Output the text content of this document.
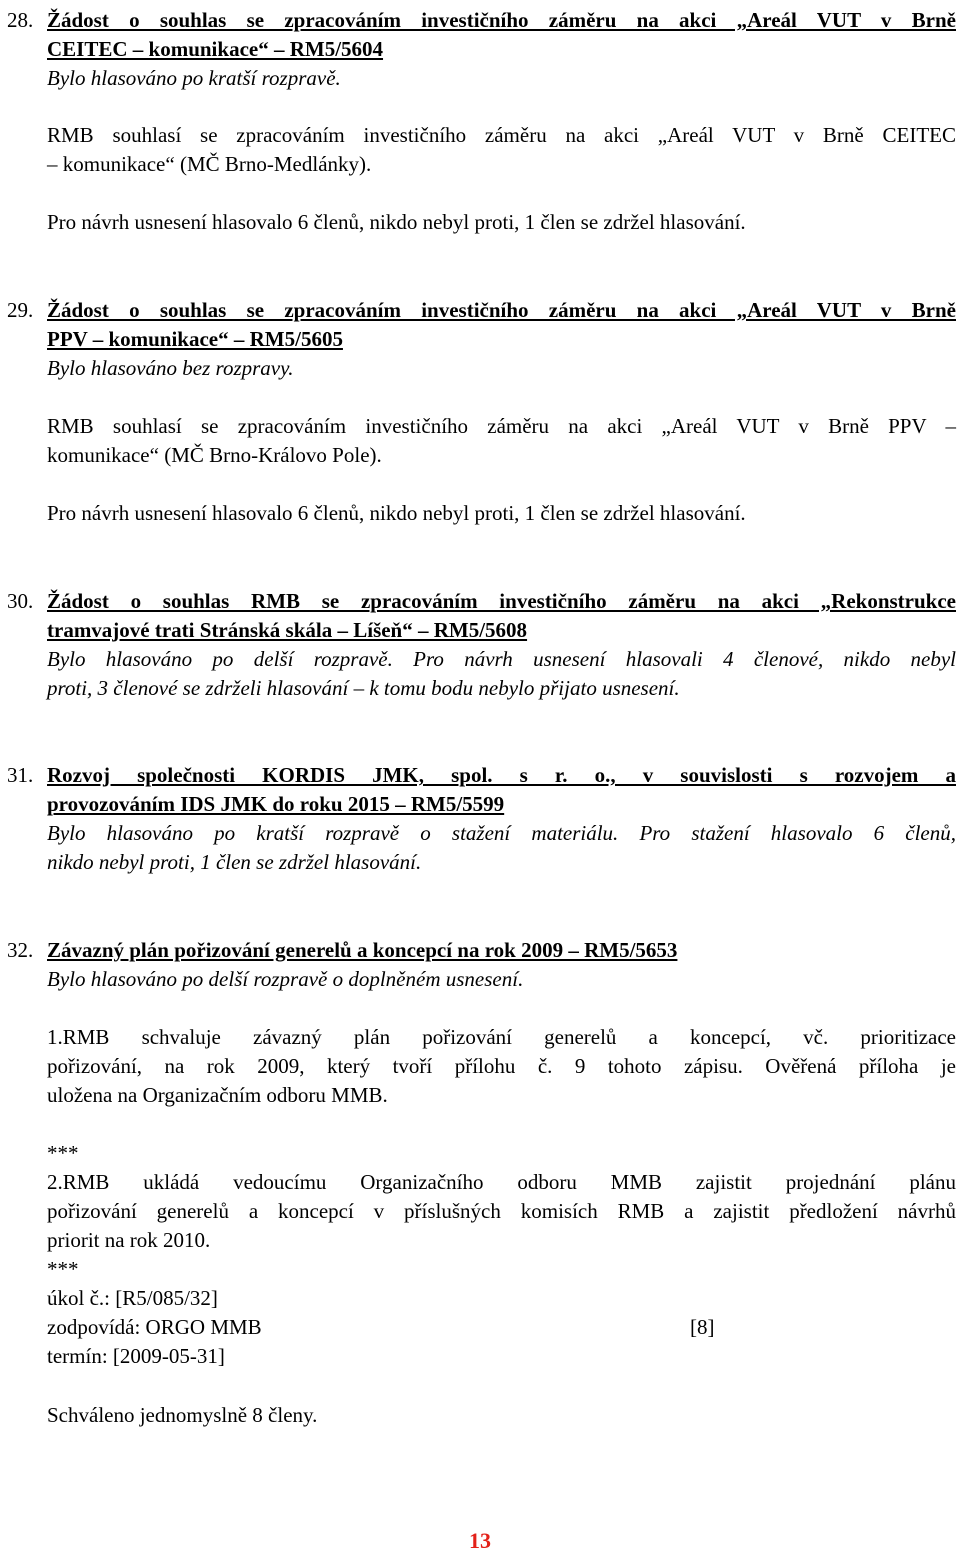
28. Žádost o souhlas se zpracováním investičního záměru na akci „Areál VUT v Brně
CEITEC – komunikace“ – RM5/5604
Bylo hlasováno po kratší rozpravě.
RMB souhlasí se zpracováním investičního záměru na akci „Areál VUT v Brně CEITEC
– komunikace“ (MČ Brno-Medlánky).
Pro návrh usnesení hlasovalo 6 členů, nikdo nebyl proti, 1 člen se zdržel hlasování.
29. Žádost o souhlas se zpracováním investičního záměru na akci „Areál VUT v Brně
PPV – komunikace“ – RM5/5605
Bylo hlasováno bez rozpravy.
RMB souhlasí se zpracováním investičního záměru na akci „Areál VUT v Brně PPV –
komunikace“ (MČ Brno-Královo Pole).
Pro návrh usnesení hlasovalo 6 členů, nikdo nebyl proti, 1 člen se zdržel hlasování.
30. Žádost o souhlas RMB se zpracováním investičního záměru na akci „Rekonstrukce
tramvajové trati Stránská skála – Líšeň“ – RM5/5608
Bylo hlasováno po delší rozpravě. Pro návrh usnesení hlasovali 4 členové, nikdo nebyl
proti, 3 členové se zdrželi hlasování – k tomu bodu nebylo přijato usnesení.
31. Rozvoj společnosti KORDIS JMK, spol. s r. o., v souvislosti s rozvojem a
provozováním IDS JMK do roku 2015 – RM5/5599
Bylo hlasováno po kratší rozpravě o stažení materiálu. Pro stažení hlasovalo 6 členů,
nikdo nebyl proti, 1 člen se zdržel hlasování.
32. Závazný plán pořizování generelů a koncepcí na rok 2009 – RM5/5653
Bylo hlasováno po delší rozpravě o doplněném usnesení.
1.RMB schvaluje závazný plán pořizování generelů a koncepcí, vč. prioritizace
pořizování, na rok 2009, který tvoří přílohu č. 9 tohoto zápisu. Ověřená příloha je
uložena na Organizačním odboru MMB.
***
2.RMB ukládá vedoucímu Organizačního odboru MMB zajistit projednání plánu
pořizování generelů a koncepcí v příslušných komisích RMB a zajistit předložení návrhů
priorit na rok 2010.
***
úkol č.: [R5/085/32]
zodpovídá: ORGO MMB	[8]
termín: [2009-05-31]
Schváleno jednomyslně 8 členy.
13
